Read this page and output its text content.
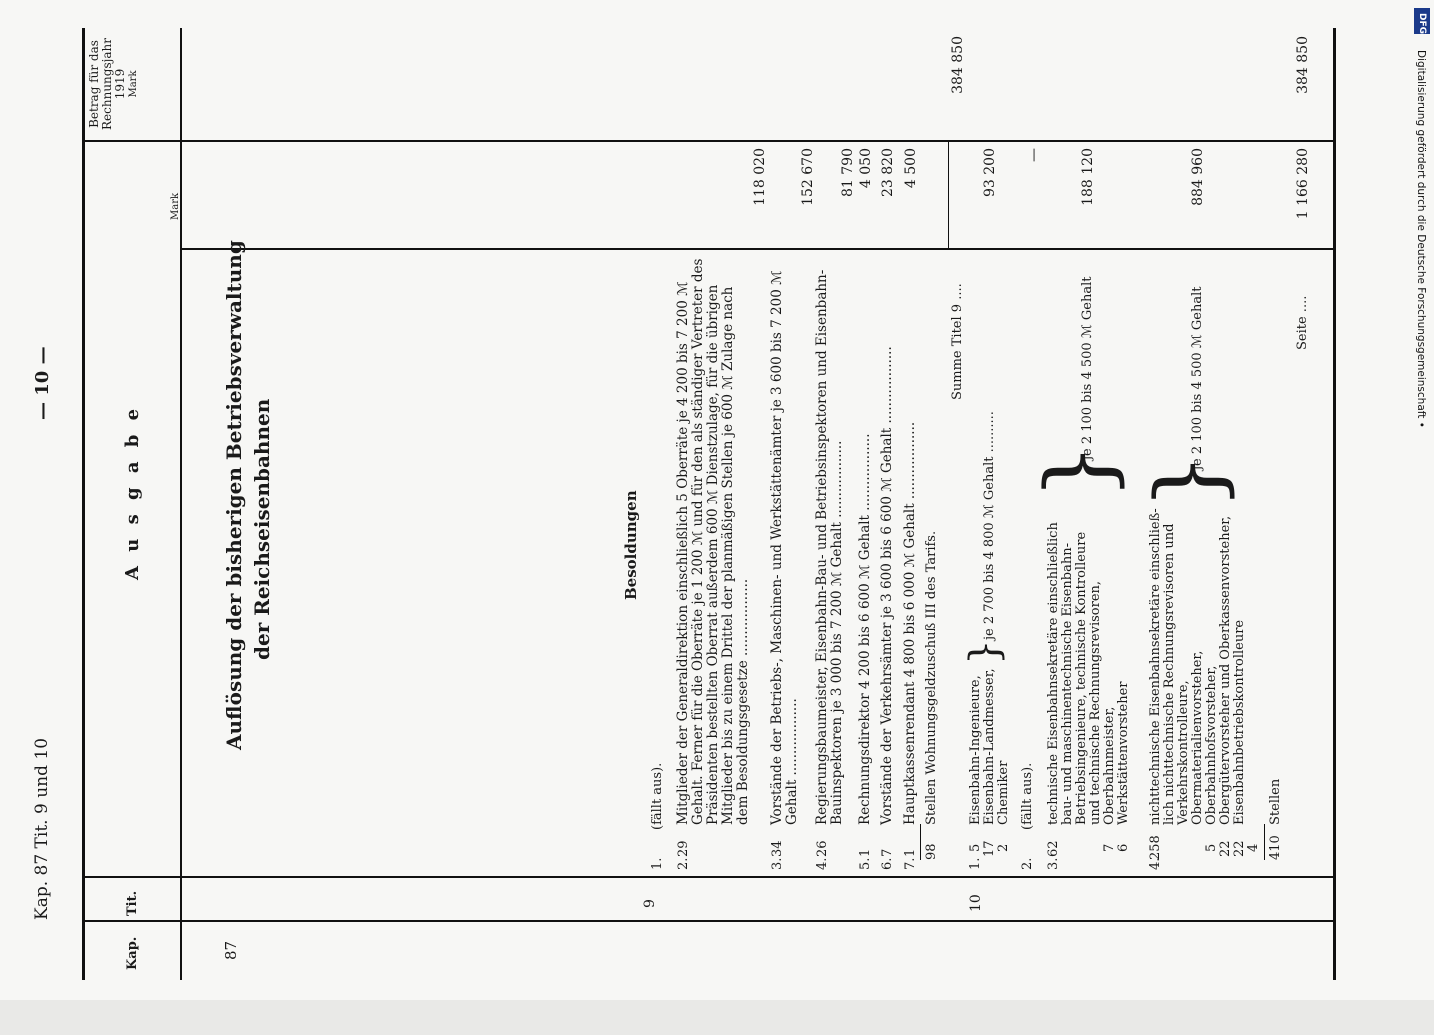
Kap. 87 Tit. 9 und 10
— 10 —
Kap.
Tit.
A u s g a b e
Mark
Betrag für das Rechnungsjahr 1919 Mark
Auflösung der bisherigen Betriebsverwaltung der Reichseisenbahnen
87
Besoldungen
9
1.
(fällt aus).
2.
29
Mitglieder der Generaldirektion einschließlich 5 Oberräte je 4 200 bis 7 200 ℳ Gehalt. Ferner für die Oberräte je 1 200 ℳ und für den als ständiger Vertreter des Präsidenten bestellten Oberrat außerdem 600 ℳ Dienstzulage, für die übrigen Mitglieder bis zu einem Drittel der planmäßigen Stellen je 600 ℳ Zulage nach dem Besoldungsgesetze ..................
118 020
3.
34
Vorstände der Betriebs-, Maschinen- und Werkstättenämter je 3 600 bis 7 200 ℳ Gehalt ..................
152 670
4.
26
Regierungsbaumeister, Eisenbahn-Bau- und Betriebsinspektoren und Eisenbahn-Bauinspektoren je 3 000 bis 7 200 ℳ Gehalt ..................
81 790
5.
1
Rechnungsdirektor 4 200 bis 6 600 ℳ Gehalt ..................
4 050
6.
7
Vorstände der Verkehrsämter je 3 600 bis 6 600 ℳ Gehalt ..................
23 820
7.
1
Hauptkassenrendant 4 800 bis 6 000 ℳ Gehalt ..................
4 500
98
Stellen Wohnungsgeldzuschuß III des Tarifs.
Summe Titel 9 ....
384 850
10
1.
5 17 2
Eisenbahn-Ingenieure, Eisenbahn-Landmesser, Chemiker
}
je 2 700 bis 4 800 ℳ Gehalt ..........
93 200
2.
(fällt aus).
—
3.
62	7 6
technische Eisenbahnsekretäre einschließlich bau- und maschinentechnische Eisenbahn- Betriebsingenieure, technische Kontrolleure und technische Rechnungsrevisoren, Oberbahnmeister, Werkstättenvorsteher
}
je 2 100 bis 4 500 ℳ Gehalt
188 120
4.
258	5 22 22 4
nichttechnische Eisenbahnsekretäre einschließ- lich nichttechnische Rechnungsrevisoren und Verkehrskontrolleure, Obermaterialienvorsteher, Oberbahnhofsvorsteher, Obergütervorsteher und Oberkassenvorsteher, Eisenbahnbetriebskontrolleure
}
je 2 100 bis 4 500 ℳ Gehalt
884 960
410
Stellen
Seite ....
1 166 280
384 850
DFG
Digitalisierung gefördert durch die Deutsche Forschungsgemeinschaft •
